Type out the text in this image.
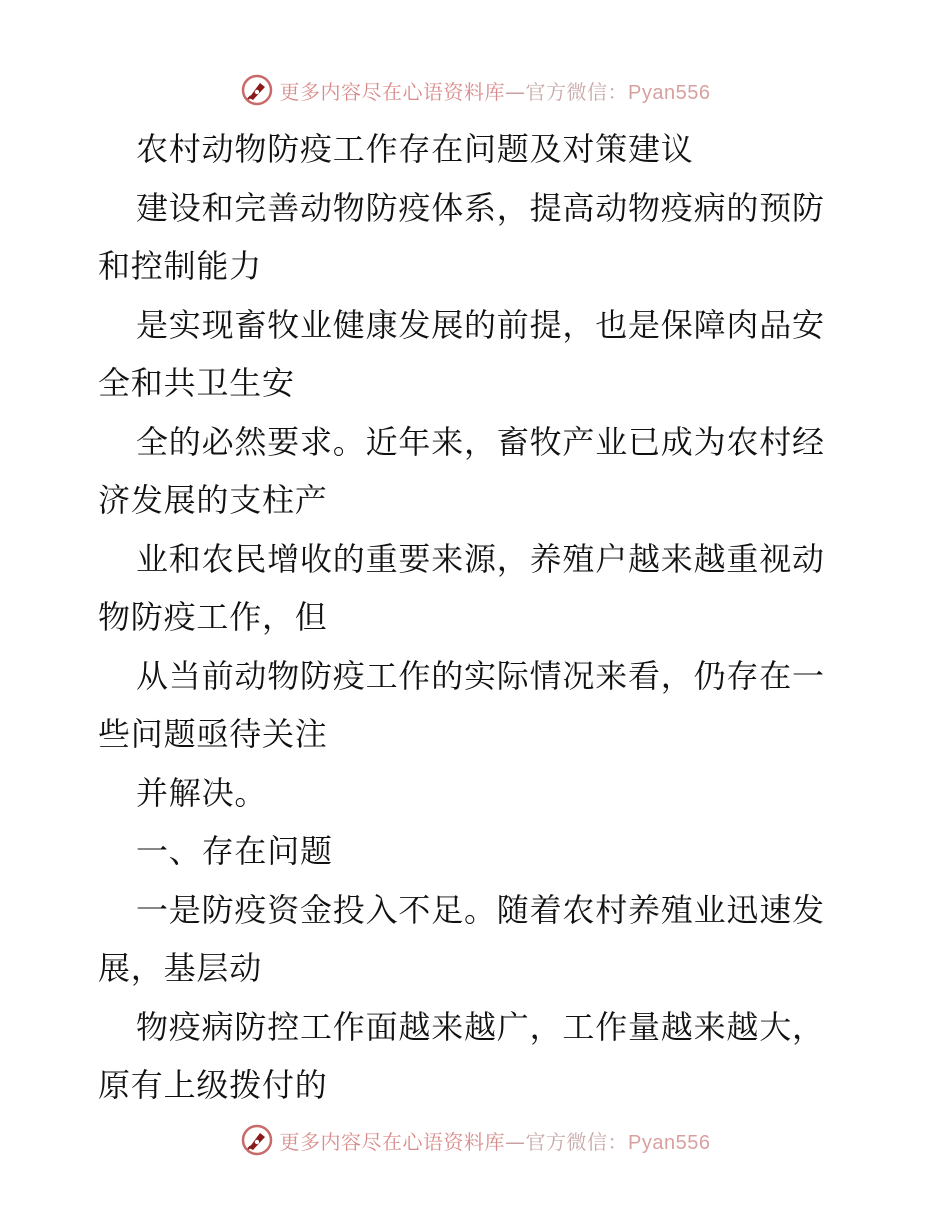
更多内容尽在心语资料库—官方微信：Pyan556
农村动物防疫工作存在问题及对策建议
建设和完善动物防疫体系，提高动物疫病的预防
和控制能力
是实现畜牧业健康发展的前提，也是保障肉品安
全和共卫生安
全的必然要求。近年来，畜牧产业已成为农村经
济发展的支柱产
业和农民增收的重要来源，养殖户越来越重视动
物防疫工作，但
从当前动物防疫工作的实际情况来看，仍存在一
些问题亟待关注
并解决。
一、存在问题
一是防疫资金投入不足。随着农村养殖业迅速发
展，基层动
物疫病防控工作面越来越广，工作量越来越大，
原有上级拨付的
更多内容尽在心语资料库—官方微信：Pyan556
